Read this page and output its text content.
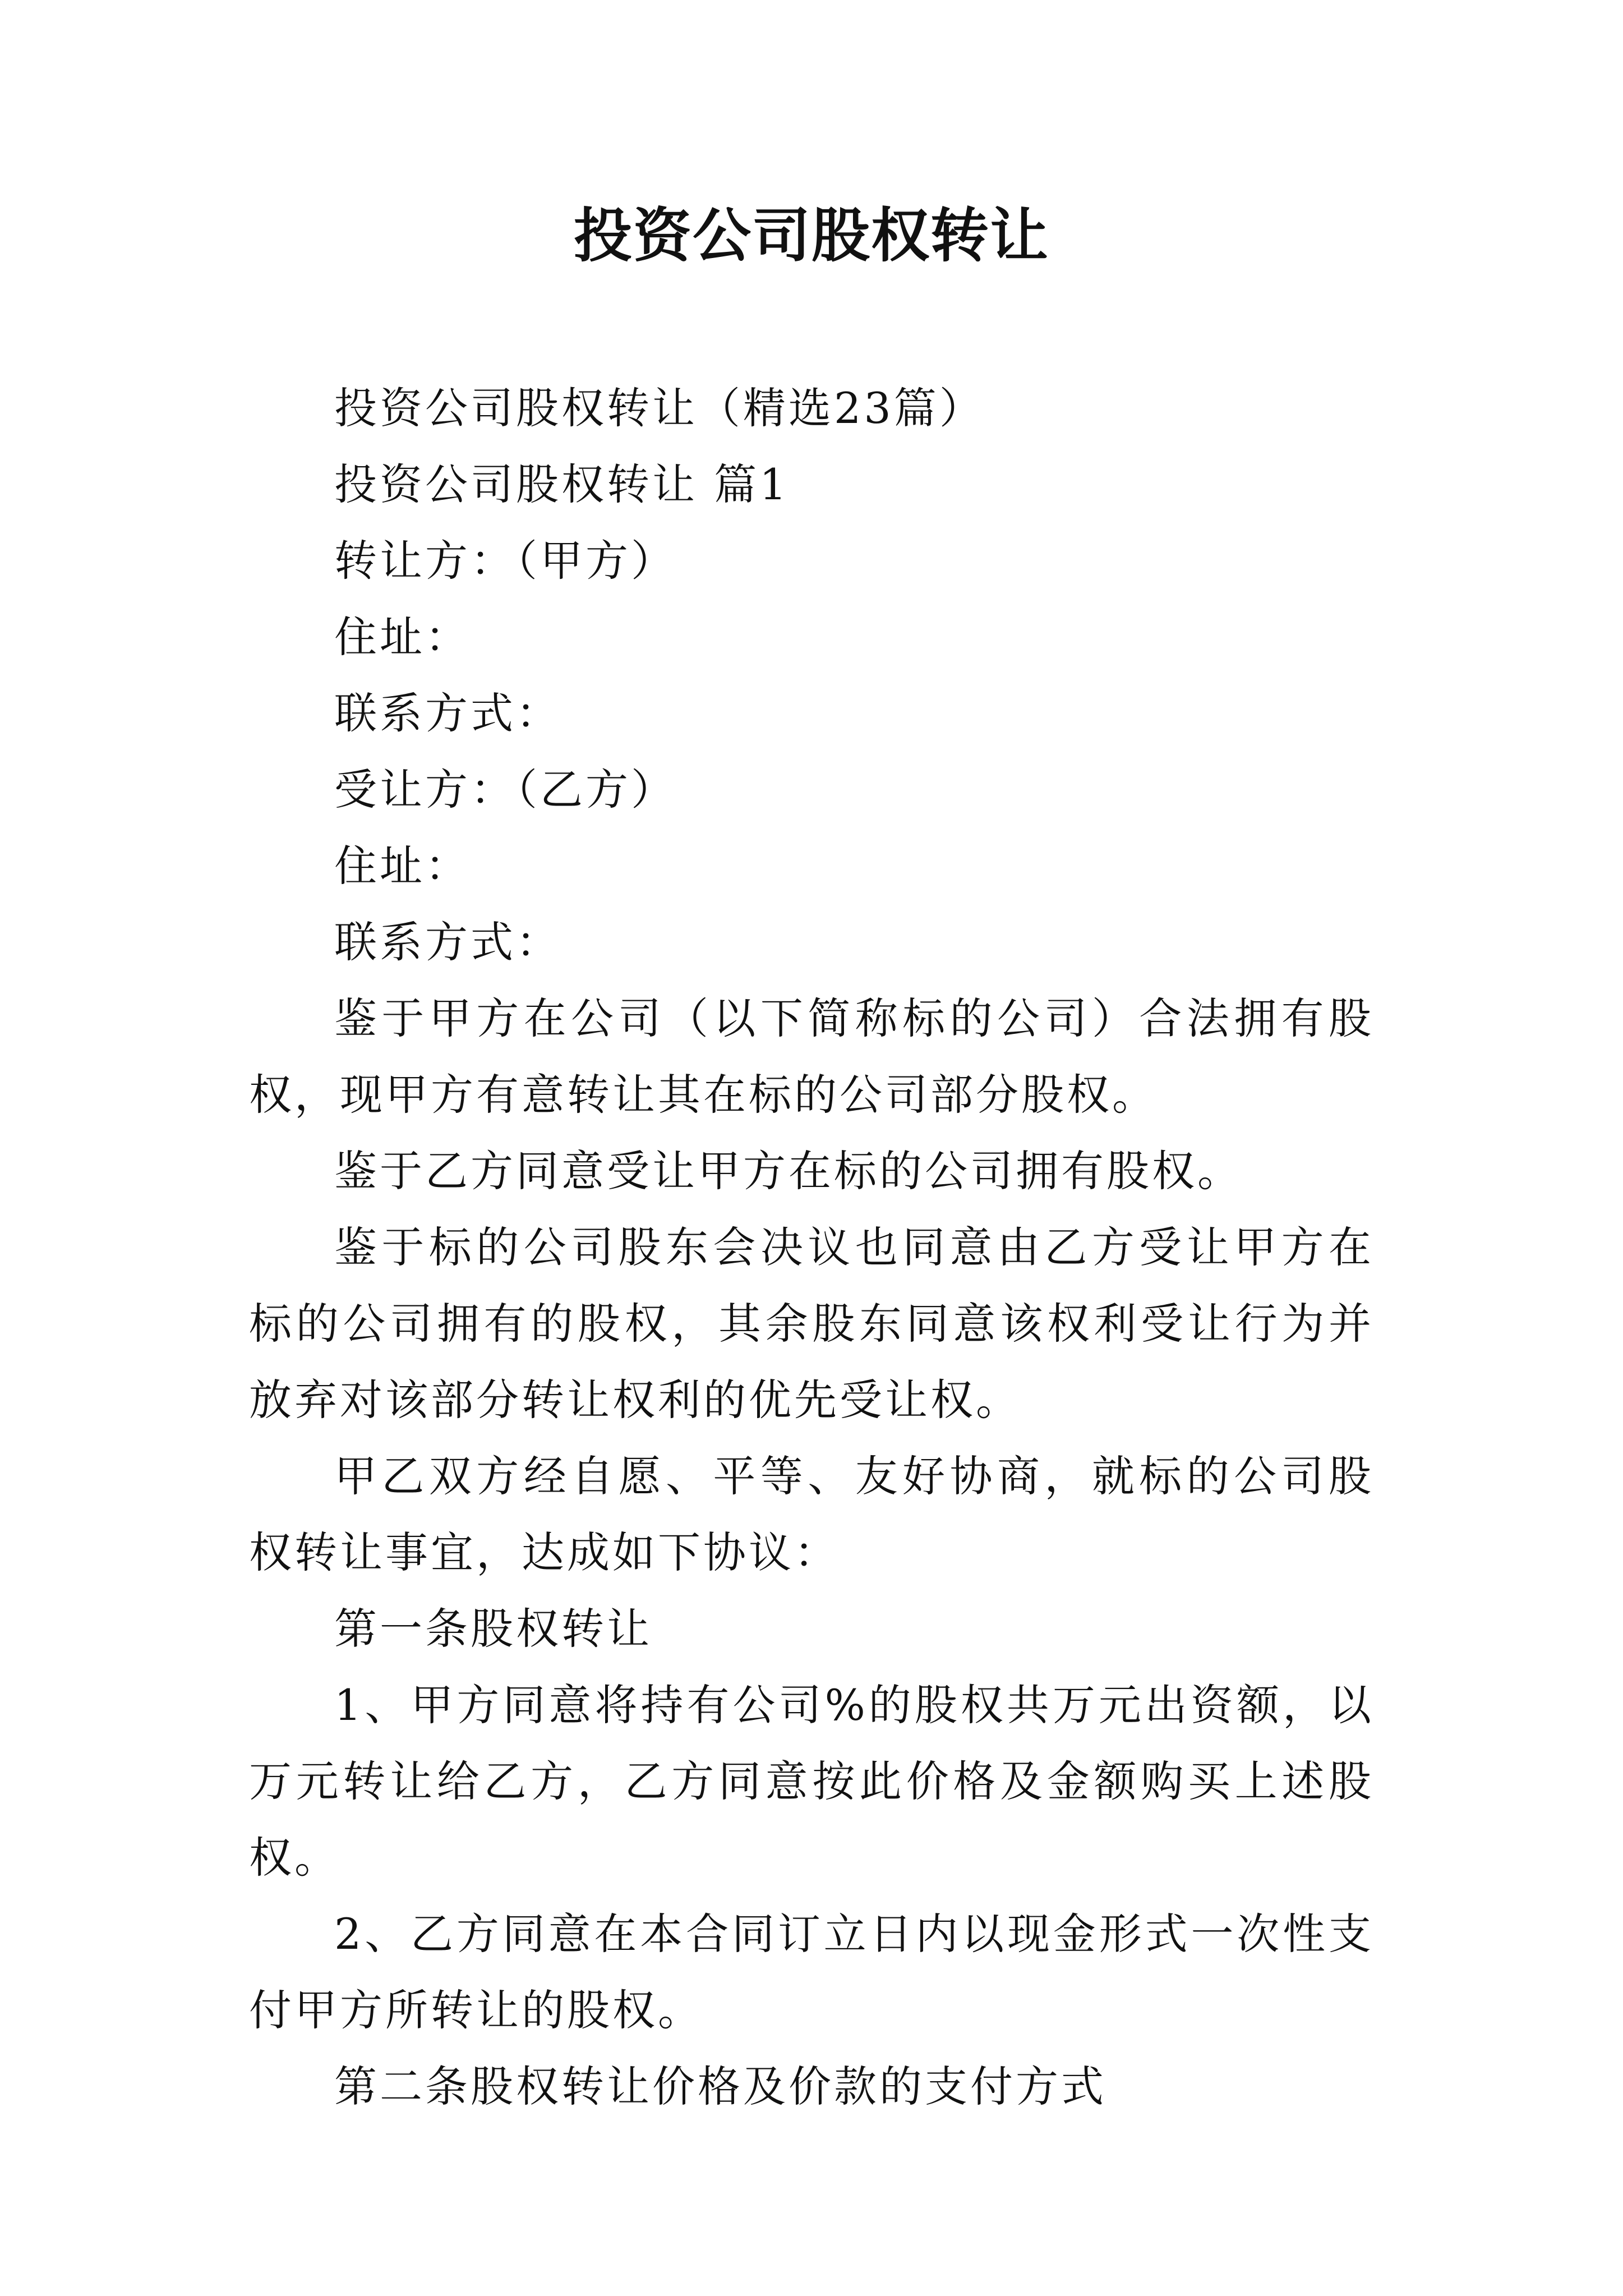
投资公司股权转让

投资公司股权转让（精选23篇）

投资公司股权转让 篇1

转让方：（甲方）

住址：

联系方式：

受让方：（乙方）

住址：

联系方式：

鉴于甲方在公司（以下简称标的公司）合法拥有股权，现甲方有意转让其在标的公司部分股权。

鉴于乙方同意受让甲方在标的公司拥有股权。

鉴于标的公司股东会决议也同意由乙方受让甲方在标的公司拥有的股权，其余股东同意该权利受让行为并放弃对该部分转让权利的优先受让权。

甲乙双方经自愿、平等、友好协商，就标的公司股权转让事宜，达成如下协议：

第一条股权转让

1、甲方同意将持有公司%的股权共万元出资额，以万元转让给乙方，乙方同意按此价格及金额购买上述股权。

2、乙方同意在本合同订立日内以现金形式一次性支付甲方所转让的股权。

第二条股权转让价格及价款的支付方式
